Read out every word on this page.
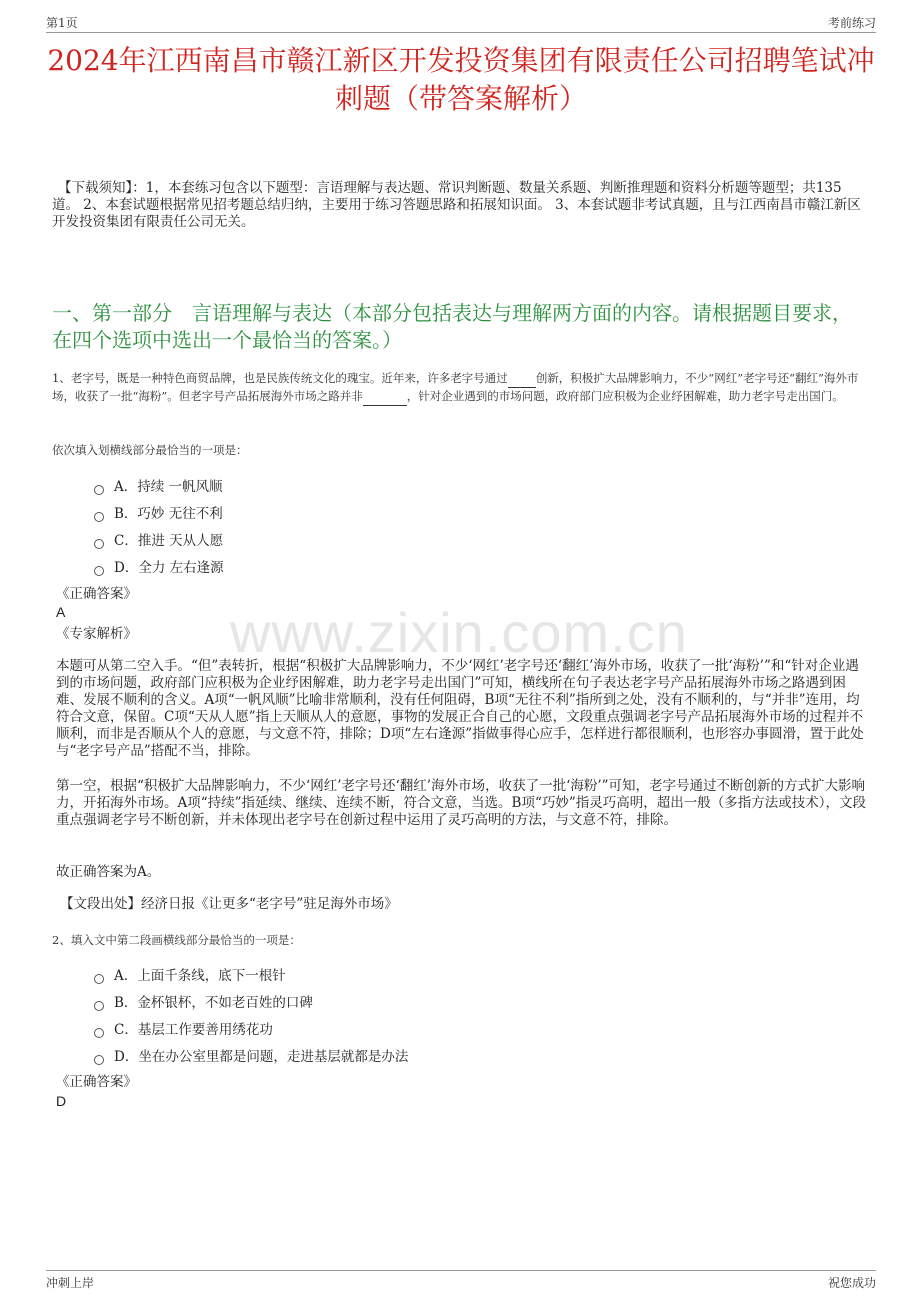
第1页	考前练习
2024年江西南昌市赣江新区开发投资集团有限责任公司招聘笔试冲刺题（带答案解析）
【下载须知】：1，本套练习包含以下题型：言语理解与表达题、常识判断题、数量关系题、判断推理题和资料分析题等题型；共135道。 2、本套试题根据常见招考题总结归纳，主要用于练习答题思路和拓展知识面。 3、本套试题非考试真题，且与江西南昌市赣江新区开发投资集团有限责任公司无关。
一、第一部分　言语理解与表达（本部分包括表达与理解两方面的内容。请根据题目要求，在四个选项中选出一个最恰当的答案。）
1、老字号，既是一种特色商贸品牌，也是民族传统文化的瑰宝。近年来，许多老字号通过 创新，积极扩大品牌影响力，不少“网红”老字号还“翻红”海外市场，收获了一批“海粉”。但老字号产品拓展海外市场之路并非	，针对企业遇到的市场问题，政府部门应积极为企业纾困解难，助力老字号走出国门。
依次填入划横线部分最恰当的一项是：
A．持续 一帆风顺
B．巧妙 无往不利
C．推进 天从人愿
D．全力 左右逢源
《正确答案》
A
《专家解析》 www.zixin.com.cn
本题可从第二空入手。“但”表转折，根据“积极扩大品牌影响力，不少‘网红’老字号还‘翻红’海外市场，收获了一批‘海粉’”和“针对企业遇到的市场问题，政府部门应积极为企业纾困解难，助力老字号走出国门”可知，横线所在句子表达老字号产品拓展海外市场之路遇到困难、发展不顺利的含义。A项“一帆风顺”比喻非常顺利，没有任何阻碍，B项“无往不利”指所到之处，没有不顺利的，与“并非”连用，均符合文意，保留。C项“天从人愿”指上天顺从人的意愿，事物的发展正合自己的心愿，文段重点强调老字号产品拓展海外市场的过程并不顺利，而非是否顺从个人的意愿，与文意不符，排除；D项“左右逢源”指做事得心应手，怎样进行都很顺利，也形容办事圆滑，置于此处与“老字号产品”搭配不当，排除。
第一空，根据“积极扩大品牌影响力，不少‘网红’老字号还‘翻红’海外市场，收获了一批‘海粉’”可知，老字号通过不断创新的方式扩大影响力，开拓海外市场。A项“持续”指延续、继续、连续不断，符合文意，当选。B项“巧妙”指灵巧高明，超出一般（多指方法或技术），文段重点强调老字号不断创新，并未体现出老字号在创新过程中运用了灵巧高明的方法，与文意不符，排除。
故正确答案为A。
【文段出处】经济日报《让更多“老字号”驻足海外市场》
2、填入文中第二段画横线部分最恰当的一项是：
A．上面千条线，底下一根针
B．金杯银杯，不如老百姓的口碑
C．基层工作要善用绣花功
D．坐在办公室里都是问题，走进基层就都是办法
《正确答案》
D
冲刺上岸	祝您成功
